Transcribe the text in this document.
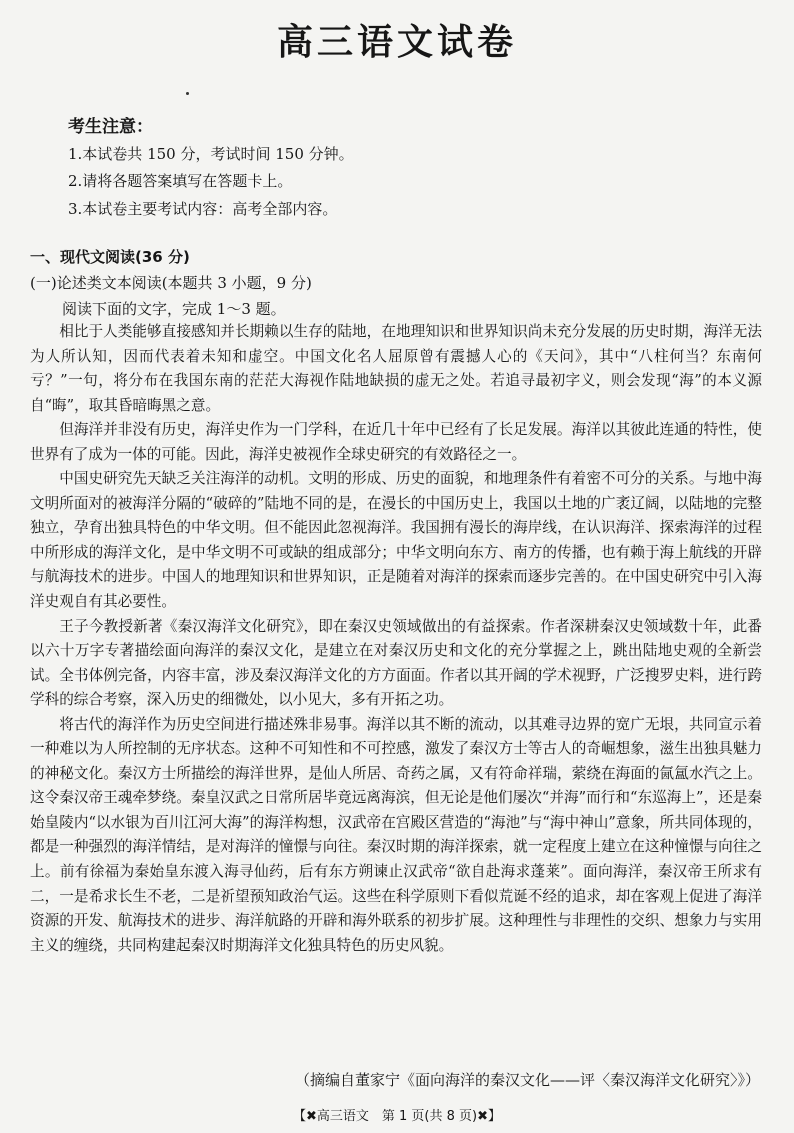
高三语文试卷
考生注意：
1.本试卷共 150 分，考试时间 150 分钟。
2.请将各题答案填写在答题卡上。
3.本试卷主要考试内容：高考全部内容。
一、现代文阅读(36 分)
(一)论述类文本阅读(本题共 3 小题，9 分)
阅读下面的文字，完成 1～3 题。

相比于人类能够直接感知并长期赖以生存的陆地，在地理知识和世界知识尚未充分发展的历史时期，海洋无法为人所认知，因而代表着未知和虚空。中国文化名人屈原曾有震撼人心的《天问》，其中“八柱何当？东南何亏？”一句，将分布在我国东南的茫茫大海视作陆地缺损的虚无之处。若追寻最初字义，则会发现“海”的本义源自“晦”，取其昏暗晦黑之意。

但海洋并非没有历史，海洋史作为一门学科，在近几十年中已经有了长足发展。海洋以其彼此连通的特性，使世界有了成为一体的可能。因此，海洋史被视作全球史研究的有效路径之一。

中国史研究先天缺乏关注海洋的动机。文明的形成、历史的面貌，和地理条件有着密不可分的关系。与地中海文明所面对的被海洋分隔的“破碎的”陆地不同的是，在漫长的中国历史上，我国以土地的广袤辽阔，以陆地的完整独立，孕育出独具特色的中华文明。但不能因此忽视海洋。我国拥有漫长的海岸线，在认识海洋、探索海洋的过程中所形成的海洋文化，是中华文明不可或缺的组成部分；中华文明向东方、南方的传播，也有赖于海上航线的开辟与航海技术的进步。中国人的地理知识和世界知识，正是随着对海洋的探索而逐步完善的。在中国史研究中引入海洋史观自有其必要性。

王子今教授新著《秦汉海洋文化研究》，即在秦汉史领域做出的有益探索。作者深耕秦汉史领域数十年，此番以六十万字专著描绘面向海洋的秦汉文化，是建立在对秦汉历史和文化的充分掌握之上，跳出陆地史观的全新尝试。全书体例完备，内容丰富，涉及秦汉海洋文化的方方面面。作者以其开阔的学术视野，广泛搜罗史料，进行跨学科的综合考察，深入历史的细微处，以小见大，多有开拓之功。

将古代的海洋作为历史空间进行描述殊非易事。海洋以其不断的流动，以其难寻边界的宽广无垠，共同宣示着一种难以为人所控制的无序状态。这种不可知性和不可控感，激发了秦汉方士等古人的奇崛想象，滋生出独具魅力的神秘文化。秦汉方士所描绘的海洋世界，是仙人所居、奇药之属，又有符命祥瑞，萦绕在海面的氤氲水汽之上。这令秦汉帝王魂牵梦绕。秦皇汉武之日常所居毕竟远离海滨，但无论是他们屡次“并海”而行和“东巡海上”，还是秦始皇陵内“以水银为百川江河大海”的海洋构想，汉武帝在宫殿区营造的“海池”与“海中神山”意象，所共同体现的，都是一种强烈的海洋情结，是对海洋的憧憬与向往。秦汉时期的海洋探索，就一定程度上建立在这种憧憬与向往之上。前有徐福为秦始皇东渡入海寻仙药，后有东方朔谏止汉武帝“欲自赴海求蓬莱”。面向海洋，秦汉帝王所求有二，一是希求长生不老，二是祈望预知政治气运。这些在科学原则下看似荒诞不经的追求，却在客观上促进了海洋资源的开发、航海技术的进步、海洋航路的开辟和海外联系的初步扩展。这种理性与非理性的交织、想象力与实用主义的缠绕，共同构建起秦汉时期海洋文化独具特色的历史风貌。

（摘编自董家宁《面向海洋的秦汉文化——评〈秦汉海洋文化研究〉》）
【✖高三语文　第 1 页(共 8 页)✖】
